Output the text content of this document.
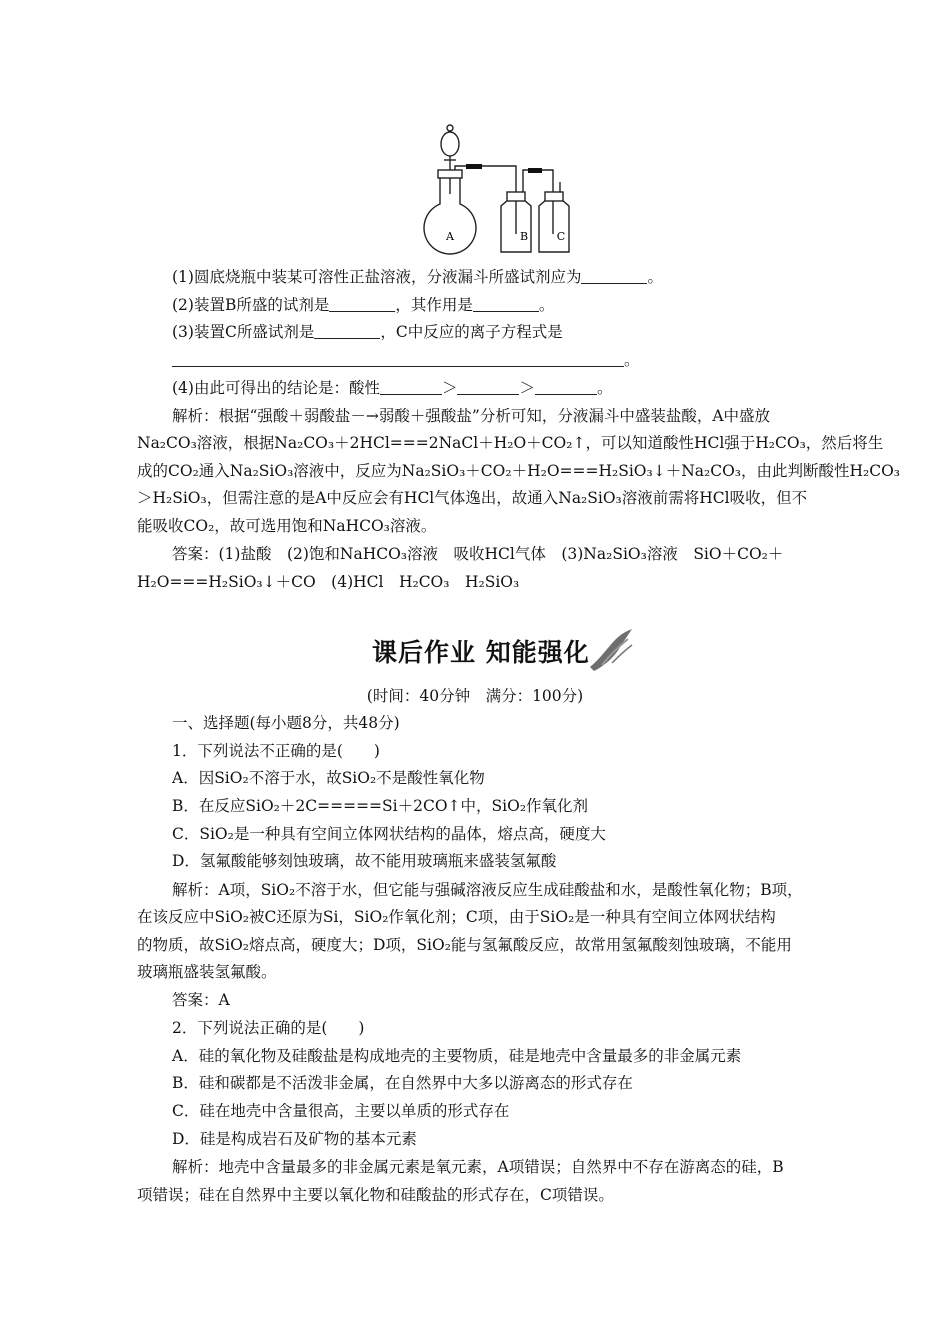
A	B	C
(1)圆底烧瓶中装某可溶性正盐溶液，分液漏斗所盛试剂应为	。
(2)装置B所盛的试剂是	，其作用是	。
(3)装置C所盛试剂是	，C中反应的离子方程式是
。
(4)由此可得出的结论是：酸性	＞	＞	。
解析：根据“强酸＋弱酸盐－→弱酸＋强酸盐”分析可知，分液漏斗中盛装盐酸，A中盛放
Na₂CO₃溶液，根据Na₂CO₃＋2HCl===2NaCl＋H₂O＋CO₂↑，可以知道酸性HCl强于H₂CO₃，然后将生
成的CO₂通入Na₂SiO₃溶液中，反应为Na₂SiO₃＋CO₂＋H₂O===H₂SiO₃↓＋Na₂CO₃，由此判断酸性H₂CO₃
＞H₂SiO₃，但需注意的是A中反应会有HCl气体逸出，故通入Na₂SiO₃溶液前需将HCl吸收，但不
能吸收CO₂，故可选用饱和NaHCO₃溶液。
答案：(1)盐酸　(2)饱和NaHCO₃溶液　吸收HCl气体　(3)Na₂SiO₃溶液　SiO＋CO₂＋
H₂O===H₂SiO₃↓＋CO　(4)HCl　H₂CO₃　H₂SiO₃
课后作业 知能强化
(时间：40分钟　满分：100分)
一、选择题(每小题8分，共48分)
1．下列说法不正确的是(　　)
A．因SiO₂不溶于水，故SiO₂不是酸性氧化物
B．在反应SiO₂＋2C=====Si＋2CO↑中，SiO₂作氧化剂
C．SiO₂是一种具有空间立体网状结构的晶体，熔点高，硬度大
D．氢氟酸能够刻蚀玻璃，故不能用玻璃瓶来盛装氢氟酸
解析：A项，SiO₂不溶于水，但它能与强碱溶液反应生成硅酸盐和水，是酸性氧化物；B项，
在该反应中SiO₂被C还原为Si，SiO₂作氧化剂；C项，由于SiO₂是一种具有空间立体网状结构
的物质，故SiO₂熔点高，硬度大；D项，SiO₂能与氢氟酸反应，故常用氢氟酸刻蚀玻璃，不能用
玻璃瓶盛装氢氟酸。
答案：A
2．下列说法正确的是(　　)
A．硅的氧化物及硅酸盐是构成地壳的主要物质，硅是地壳中含量最多的非金属元素
B．硅和碳都是不活泼非金属，在自然界中大多以游离态的形式存在
C．硅在地壳中含量很高，主要以单质的形式存在
D．硅是构成岩石及矿物的基本元素
解析：地壳中含量最多的非金属元素是氧元素，A项错误；自然界中不存在游离态的硅，B
项错误；硅在自然界中主要以氧化物和硅酸盐的形式存在，C项错误。
